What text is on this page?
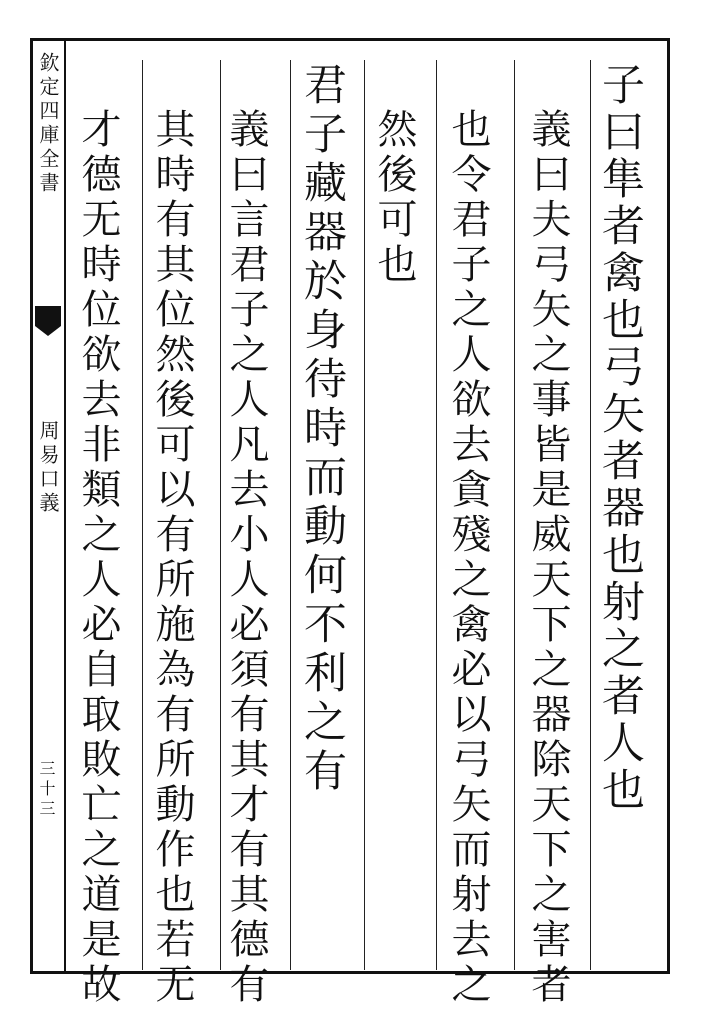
欽定四庫全書
周易口義
三十三	子曰隼者禽也弓矢者器也射之者人也
義曰夫弓矢之事皆是威天下之器除天下之害者
也令君子之人欲去貪殘之禽必以弓矢而射去之
然後可也
君子藏器於身待時而動何不利之有
義曰言君子之人凡去小人必須有其才有其德有
其時有其位然後可以有所施為有所動作也若无
才德无時位欲去非類之人必自取敗亡之道是故
